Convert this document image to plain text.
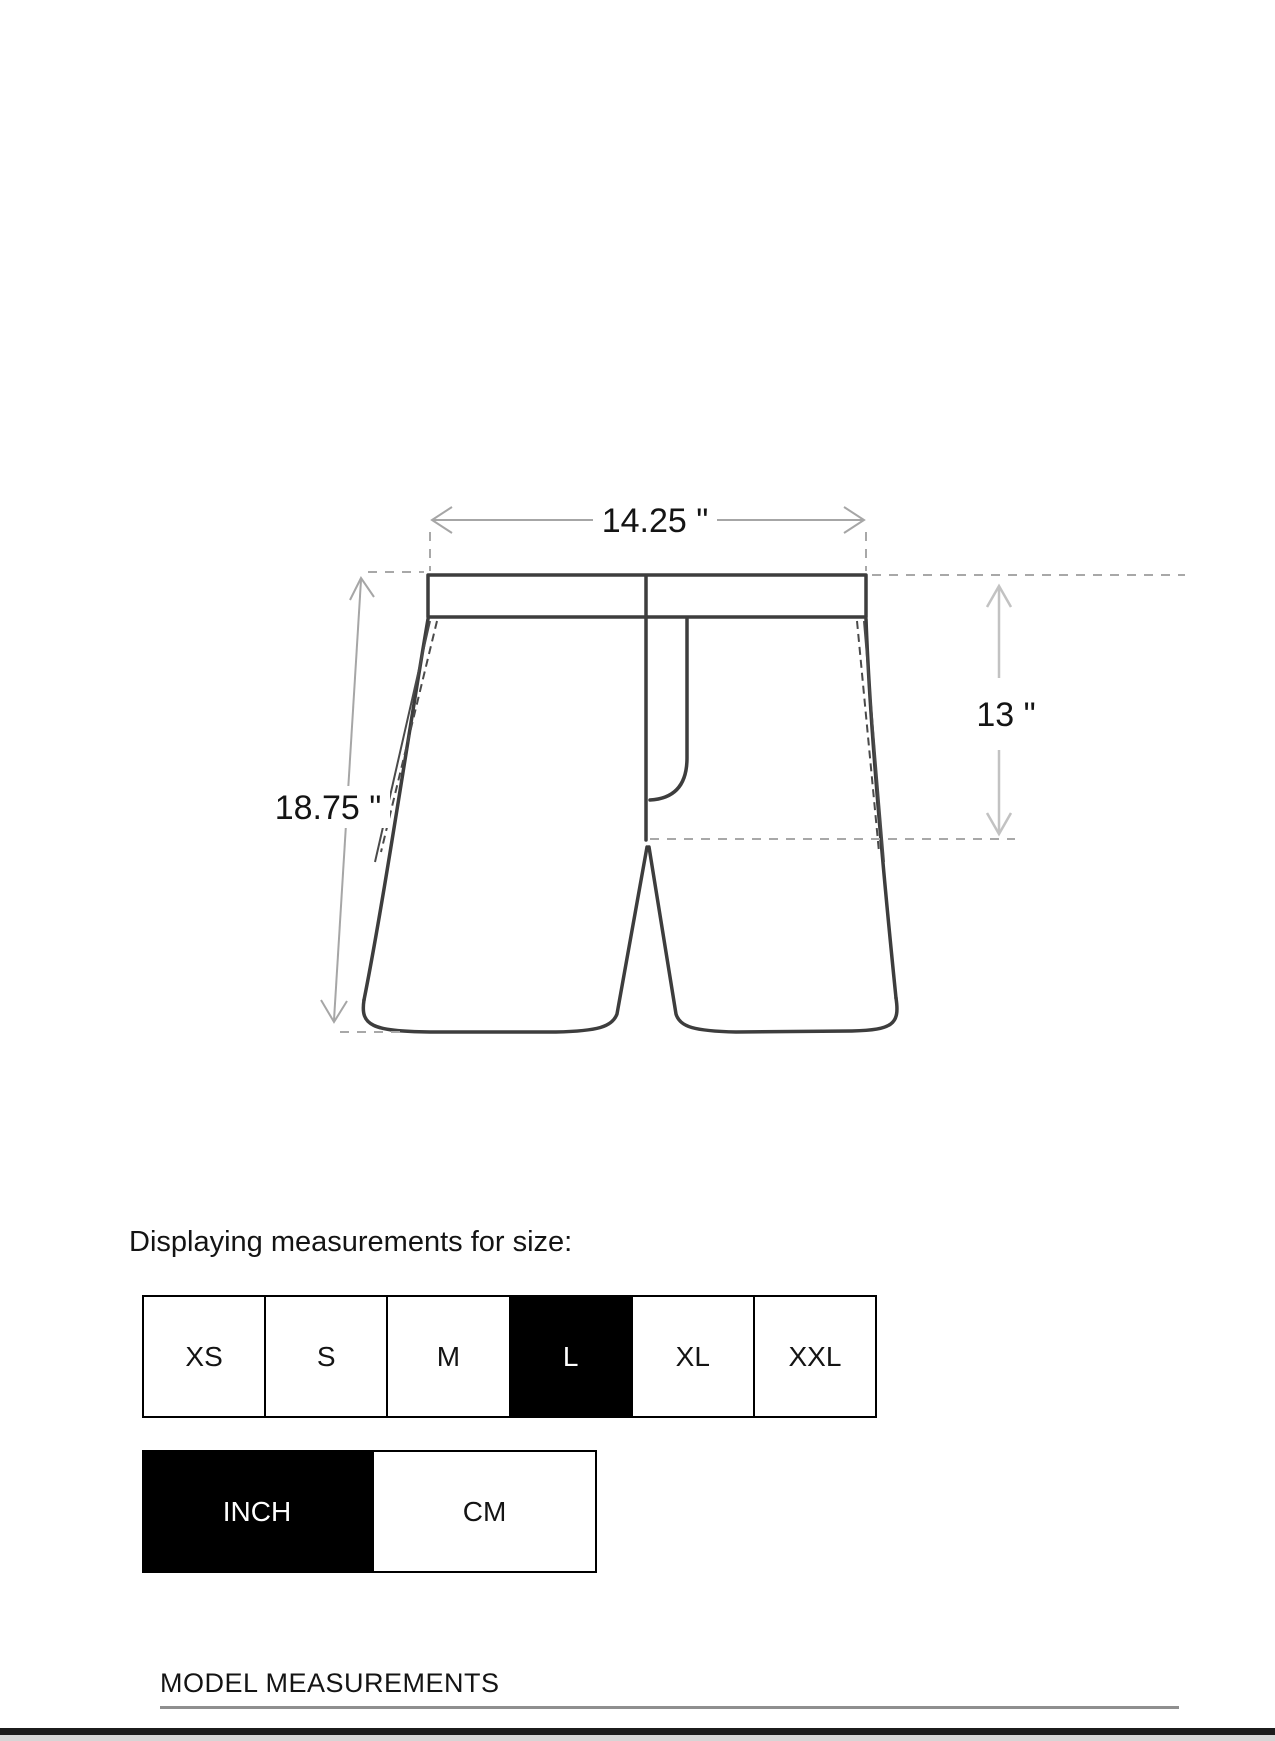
14.25 "
18.75 "
13 "

Displaying measurements for size:

XS	S	M	L	XL	XXL
INCH	CM
MODEL MEASUREMENTS
